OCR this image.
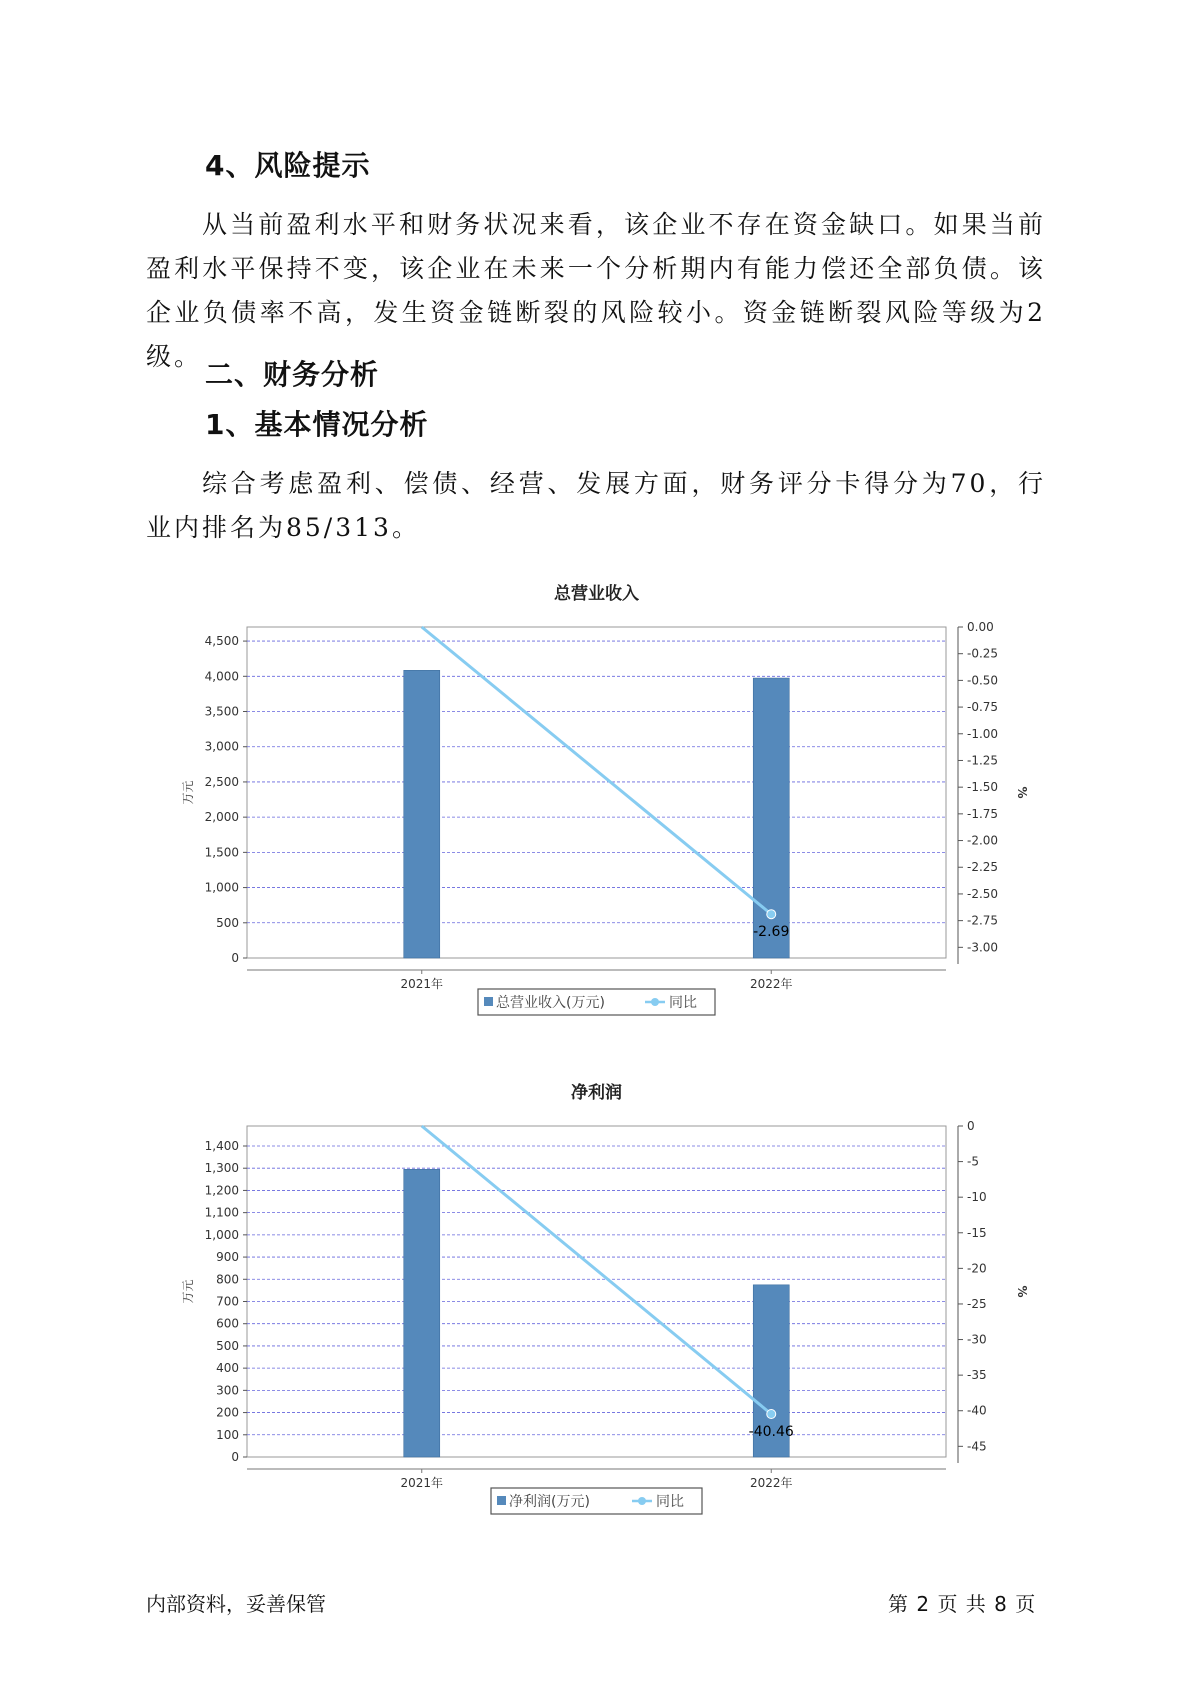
4、风险提示
从当前盈利水平和财务状况来看，该企业不存在资金缺口。如果当前盈利水平保持不变，该企业在未来一个分析期内有能力偿还全部负债。该企业负债率不高，发生资金链断裂的风险较小。资金链断裂风险等级为2级。
二、财务分析
1、基本情况分析
综合考虑盈利、偿债、经营、发展方面，财务评分卡得分为70，行业内排名为85/313。
总营业收入
0
500
1,000
1,500
2,000
2,500
3,000
3,500
4,000
4,500
万元
0.00
-0.25
-0.50
-0.75
-1.00
-1.25
-1.50
-1.75
-2.00
-2.25
-2.50
-2.75
-3.00
%
2021年	2022年
-2.69
总营业收入(万元)	同比
净利润
0
100
200
300
400
500
600
700
800
900
1,000
1,100
1,200
1,300
1,400
万元
0
-5
-10
-15
-20
-25
-30
-35
-40
-45
%
2021年	2022年
-40.46
净利润(万元)	同比
内部资料，妥善保管	第 2 页 共 8 页
